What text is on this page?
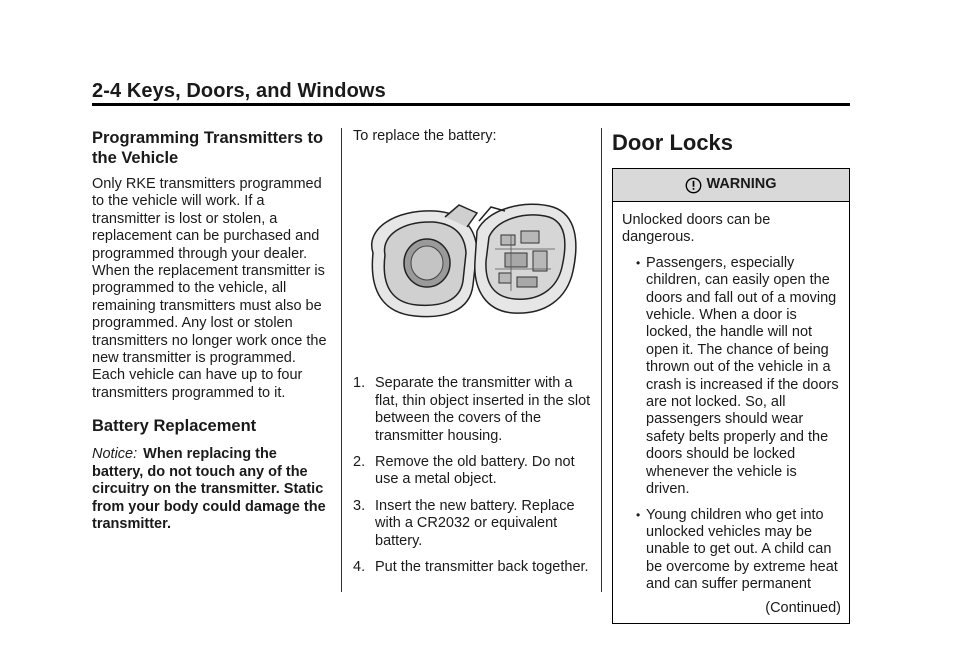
2-4 Keys, Doors, and Windows
Programming Transmitters to the Vehicle

Only RKE transmitters programmed to the vehicle will work. If a transmitter is lost or stolen, a replacement can be purchased and programmed through your dealer. When the replacement transmitter is programmed to the vehicle, all remaining transmitters must also be programmed. Any lost or stolen transmitters no longer work once the new transmitter is programmed. Each vehicle can have up to four transmitters programmed to it.

Battery Replacement

Notice: When replacing the battery, do not touch any of the circuitry on the transmitter. Static from your body could damage the transmitter.

To replace the battery:

1. Separate the transmitter with a flat, thin object inserted in the slot between the covers of the transmitter housing.
2. Remove the old battery. Do not use a metal object.
3. Insert the new battery. Replace with a CR2032 or equivalent battery.
4. Put the transmitter back together.
Door Locks
WARNING

Unlocked doors can be dangerous.

• Passengers, especially children, can easily open the doors and fall out of a moving vehicle. When a door is locked, the handle will not open it. The chance of being thrown out of the vehicle in a crash is increased if the doors are not locked. So, all passengers should wear safety belts properly and the doors should be locked whenever the vehicle is driven.
• Young children who get into unlocked vehicles may be unable to get out. A child can be overcome by extreme heat and can suffer permanent
(Continued)
